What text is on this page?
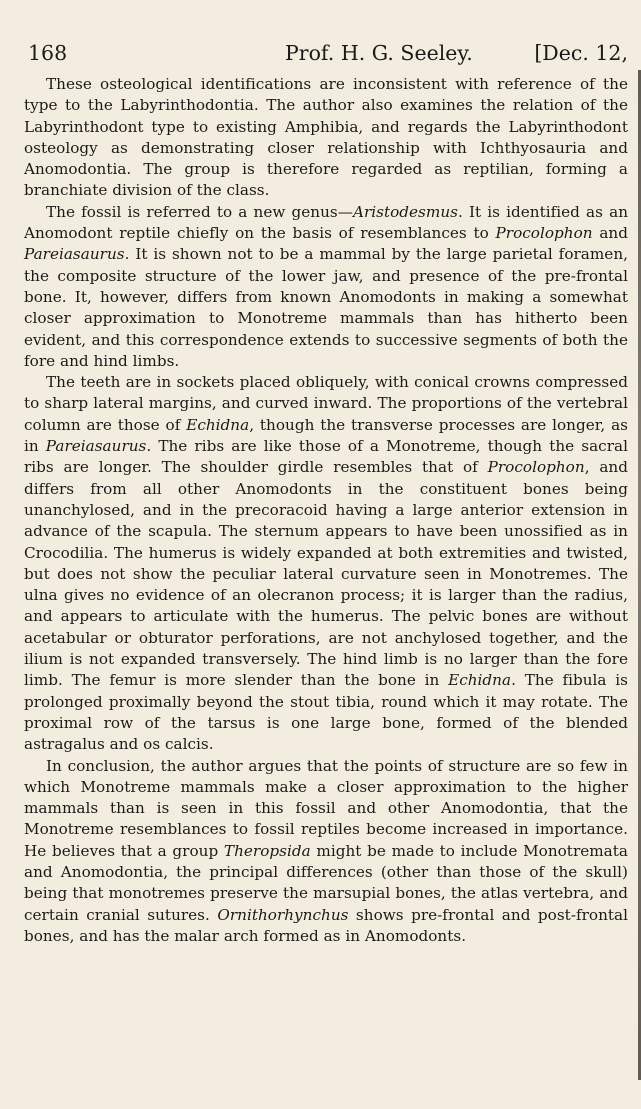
168	Prof. H. G. Seeley.	[Dec. 12,

These osteological identifications are inconsistent with reference of the type to the Labyrinthodontia. The author also examines the relation of the Labyrinthodont type to existing Amphibia, and regards the Labyrinthodont osteology as demonstrating closer relationship with Ichthyosauria and Anomodontia. The group is therefore regarded as reptilian, forming a branchiate division of the class.

The fossil is referred to a new genus—Aristodesmus. It is identified as an Anomodont reptile chiefly on the basis of resemblances to Procolophon and Pareiasaurus. It is shown not to be a mammal by the large parietal foramen, the composite structure of the lower jaw, and presence of the pre-frontal bone. It, however, differs from known Anomodonts in making a somewhat closer approximation to Monotreme mammals than has hitherto been evident, and this correspondence extends to successive segments of both the fore and hind limbs.

The teeth are in sockets placed obliquely, with conical crowns compressed to sharp lateral margins, and curved inward. The proportions of the vertebral column are those of Echidna, though the transverse processes are longer, as in Pareiasaurus. The ribs are like those of a Monotreme, though the sacral ribs are longer. The shoulder girdle resembles that of Procolophon, and differs from all other Anomodonts in the constituent bones being unanchylosed, and in the precoracoid having a large anterior extension in advance of the scapula. The sternum appears to have been unossified as in Crocodilia. The humerus is widely expanded at both extremities and twisted, but does not show the peculiar lateral curvature seen in Monotremes. The ulna gives no evidence of an olecranon process; it is larger than the radius, and appears to articulate with the humerus. The pelvic bones are without acetabular or obturator perforations, are not anchylosed together, and the ilium is not expanded transversely. The hind limb is no larger than the fore limb. The femur is more slender than the bone in Echidna. The fibula is prolonged proximally beyond the stout tibia, round which it may rotate. The proximal row of the tarsus is one large bone, formed of the blended astragalus and os calcis.

In conclusion, the author argues that the points of structure are so few in which Monotreme mammals make a closer approximation to the higher mammals than is seen in this fossil and other Anomodontia, that the Monotreme resemblances to fossil reptiles become increased in importance. He believes that a group Theropsida might be made to include Monotremata and Anomodontia, the principal differences (other than those of the skull) being that monotremes preserve the marsupial bones, the atlas vertebra, and certain cranial sutures. Ornithorhynchus shows pre-frontal and post-frontal bones, and has the malar arch formed as in Anomodonts.
